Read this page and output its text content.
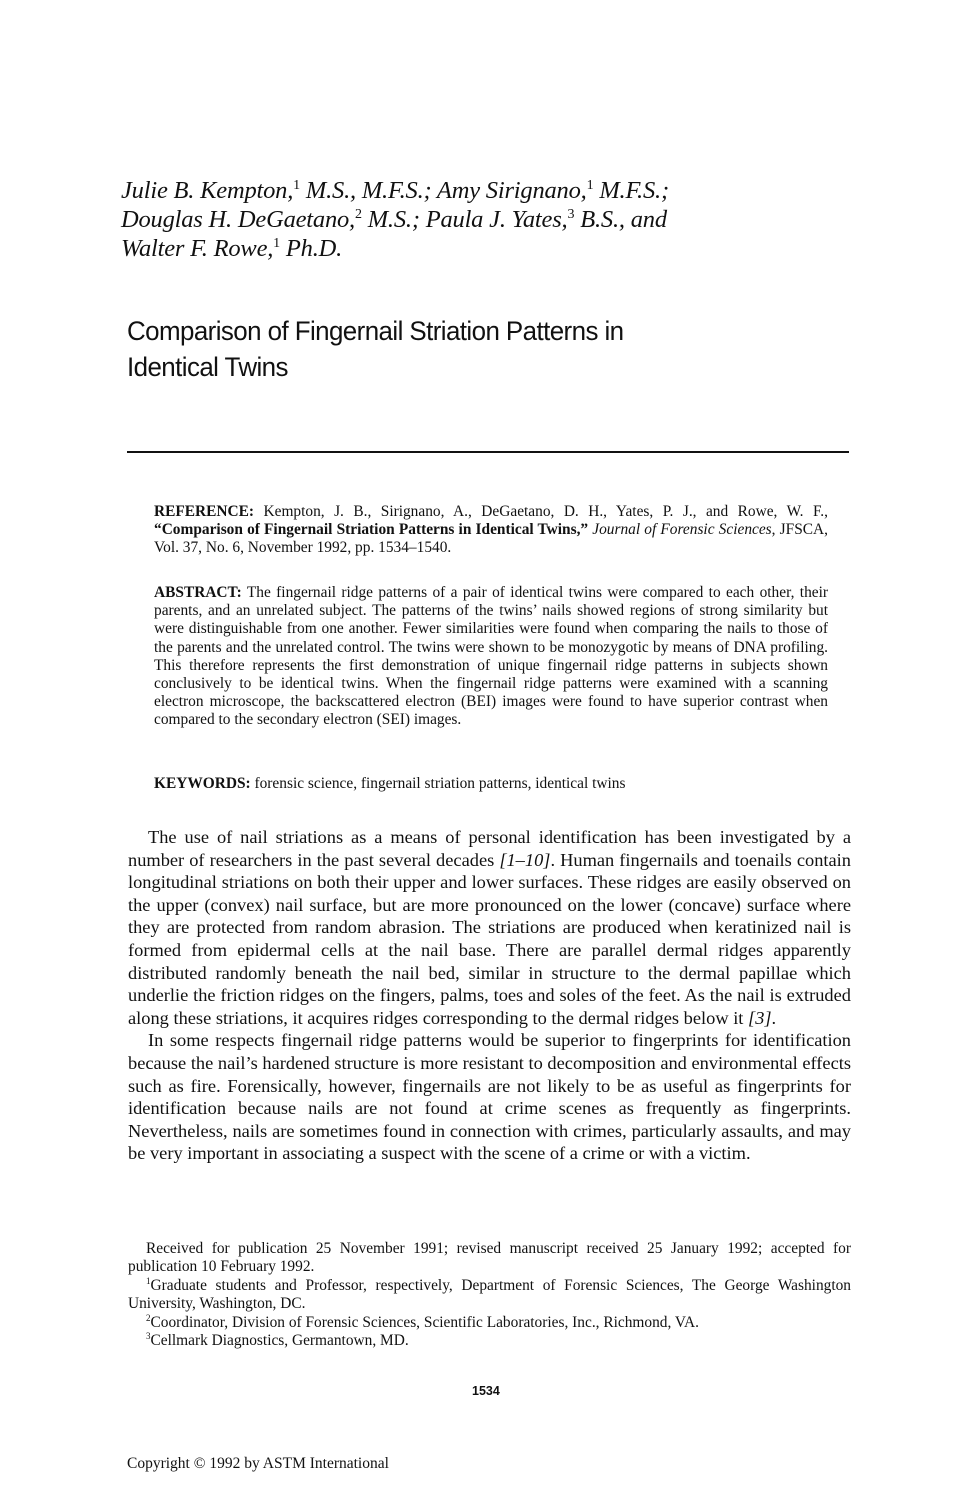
Julie B. Kempton,$^1$ M.S., M.F.S.; Amy Sirignano,$^1$ M.F.S.;
Douglas H. DeGaetano,$^2$ M.S.; Paula J. Yates,$^3$ B.S., and
Walter F. Rowe,$^1$ Ph.D.
Comparison of Fingernail Striation Patterns in
Identical Twins
REFERENCE: Kempton, J. B., Sirignano, A., DeGaetano, D. H., Yates, P. J., and Rowe, W. F., “Comparison of Fingernail Striation Patterns in Identical Twins,” Journal of Forensic Sciences, JFSCA, Vol. 37, No. 6, November 1992, pp. 1534–1540.
ABSTRACT: The fingernail ridge patterns of a pair of identical twins were compared to each other, their parents, and an unrelated subject. The patterns of the twins’ nails showed regions of strong similarity but were distinguishable from one another. Fewer similarities were found when comparing the nails to those of the parents and the unrelated control. The twins were shown to be monozygotic by means of DNA profiling. This therefore represents the first demonstration of unique fingernail ridge patterns in subjects shown conclusively to be identical twins. When the fingernail ridge patterns were examined with a scanning electron microscope, the backscattered electron (BEI) images were found to have superior contrast when compared to the secondary electron (SEI) images.
KEYWORDS: forensic science, fingernail striation patterns, identical twins

The use of nail striations as a means of personal identification has been investigated by a number of researchers in the past several decades [1–10]. Human fingernails and toenails contain longitudinal striations on both their upper and lower surfaces. These ridges are easily observed on the upper (convex) nail surface, but are more pronounced on the lower (concave) surface where they are protected from random abrasion. The striations are produced when keratinized nail is formed from epidermal cells at the nail base. There are parallel dermal ridges apparently distributed randomly beneath the nail bed, similar in structure to the dermal papillae which underlie the friction ridges on the fingers, palms, toes and soles of the feet. As the nail is extruded along these striations, it acquires ridges corresponding to the dermal ridges below it [3].

In some respects fingernail ridge patterns would be superior to fingerprints for identification because the nail’s hardened structure is more resistant to decomposition and environmental effects such as fire. Forensically, however, fingernails are not likely to be as useful as fingerprints for identification because nails are not found at crime scenes as frequently as fingerprints. Nevertheless, nails are sometimes found in connection with crimes, particularly assaults, and may be very important in associating a suspect with the scene of a crime or with a victim.

Received for publication 25 November 1991; revised manuscript received 25 January 1992; accepted for publication 10 February 1992.

$^1$Graduate students and Professor, respectively, Department of Forensic Sciences, The George Washington University, Washington, DC.

$^2$Coordinator, Division of Forensic Sciences, Scientific Laboratories, Inc., Richmond, VA.

$^3$Cellmark Diagnostics, Germantown, MD.

1534
Copyright © 1992 by ASTM International
